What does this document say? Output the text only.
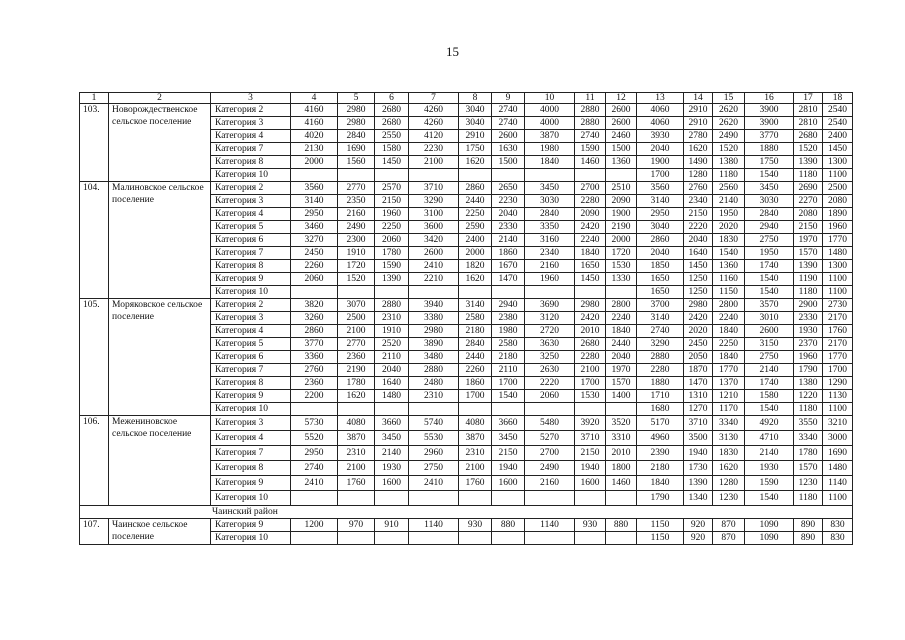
15
1	2	3	4	5	6	7	8	9	10	11	12	13	14	15	16	17	18
103.	Новорождественское сельское поселение	Категория 2	4160	2980	2680	4260	3040	2740	4000	2880	2600	4060	2910	2620	3900	2810	2540
		Категория 3	4160	2980	2680	4260	3040	2740	4000	2880	2600	4060	2910	2620	3900	2810	2540
		Категория 4	4020	2840	2550	4120	2910	2600	3870	2740	2460	3930	2780	2490	3770	2680	2400
		Категория 7	2130	1690	1580	2230	1750	1630	1980	1590	1500	2040	1620	1520	1880	1520	1450
		Категория 8	2000	1560	1450	2100	1620	1500	1840	1460	1360	1900	1490	1380	1750	1390	1300
		Категория 10										1700	1280	1180	1540	1180	1100
104.	Малиновское сельское поселение	Категория 2	3560	2770	2570	3710	2860	2650	3450	2700	2510	3560	2760	2560	3450	2690	2500
		Категория 3	3140	2350	2150	3290	2440	2230	3030	2280	2090	3140	2340	2140	3030	2270	2080
		Категория 4	2950	2160	1960	3100	2250	2040	2840	2090	1900	2950	2150	1950	2840	2080	1890
		Категория 5	3460	2490	2250	3600	2590	2330	3350	2420	2190	3040	2220	2020	2940	2150	1960
		Категория 6	3270	2300	2060	3420	2400	2140	3160	2240	2000	2860	2040	1830	2750	1970	1770
		Категория 7	2450	1910	1780	2600	2000	1860	2340	1840	1720	2040	1640	1540	1950	1570	1480
		Категория 8	2260	1720	1590	2410	1820	1670	2160	1650	1530	1850	1450	1360	1740	1390	1300
		Категория 9	2060	1520	1390	2210	1620	1470	1960	1450	1330	1650	1250	1160	1540	1190	1100
		Категория 10										1650	1250	1150	1540	1180	1100
105.	Моряковское сельское поселение	Категория 2	3820	3070	2880	3940	3140	2940	3690	2980	2800	3700	2980	2800	3570	2900	2730
		Категория 3	3260	2500	2310	3380	2580	2380	3120	2420	2240	3140	2420	2240	3010	2330	2170
		Категория 4	2860	2100	1910	2980	2180	1980	2720	2010	1840	2740	2020	1840	2600	1930	1760
		Категория 5	3770	2770	2520	3890	2840	2580	3630	2680	2440	3290	2450	2250	3150	2370	2170
		Категория 6	3360	2360	2110	3480	2440	2180	3250	2280	2040	2880	2050	1840	2750	1960	1770
		Категория 7	2760	2190	2040	2880	2260	2110	2630	2100	1970	2280	1870	1770	2140	1790	1700
		Категория 8	2360	1780	1640	2480	1860	1700	2220	1700	1570	1880	1470	1370	1740	1380	1290
		Категория 9	2200	1620	1480	2310	1700	1540	2060	1530	1400	1710	1310	1210	1580	1220	1130
		Категория 10										1680	1270	1170	1540	1180	1100
106.	Межениновское сельское поселение	Категория 3	5730	4080	3660	5740	4080	3660	5480	3920	3520	5170	3710	3340	4920	3550	3210
		Категория 4	5520	3870	3450	5530	3870	3450	5270	3710	3310	4960	3500	3130	4710	3340	3000
		Категория 7	2950	2310	2140	2960	2310	2150	2700	2150	2010	2390	1940	1830	2140	1780	1690
		Категория 8	2740	2100	1930	2750	2100	1940	2490	1940	1800	2180	1730	1620	1930	1570	1480
		Категория 9	2410	1760	1600	2410	1760	1600	2160	1600	1460	1840	1390	1280	1590	1230	1140
		Категория 10										1790	1340	1230	1540	1180	1100
Чаинский район																	
107.	Чаинское сельское поселение	Категория 9	1200	970	910	1140	930	880	1140	930	880	1150	920	870	1090	890	830
		Категория 10										1150	920	870	1090	890	830
